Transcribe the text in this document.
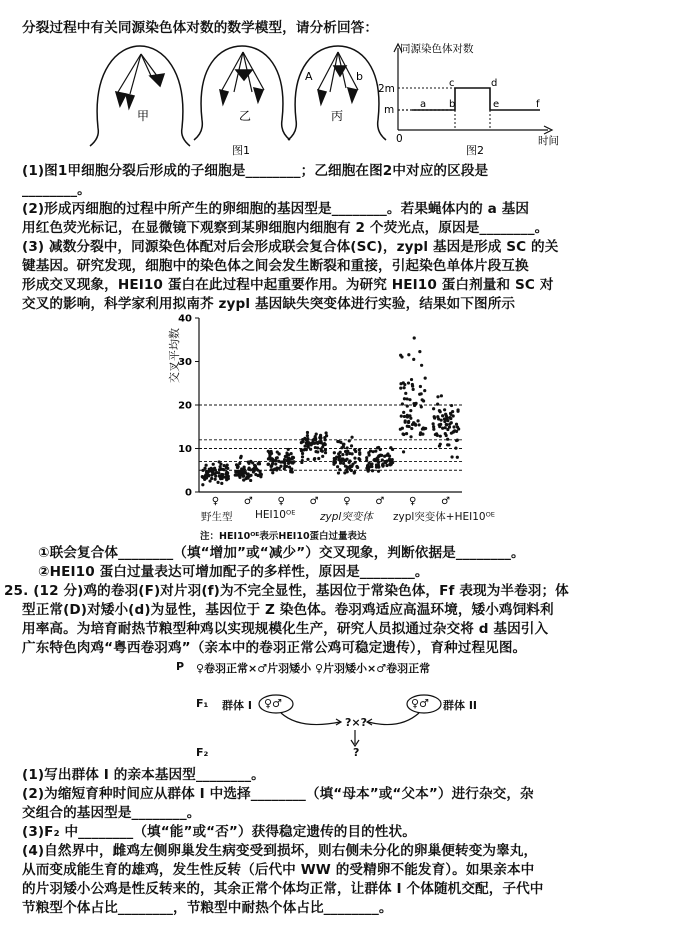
分裂过程中有关同源染色体对数的数学模型，请分析回答：
甲	乙
A	b
丙
图1
同源染色体对数
2m
m
0	时间
图2
a b
c	d
e	f
(1)图1甲细胞分裂后形成的子细胞是________；乙细胞在图2中对应的区段是
________。
(2)形成丙细胞的过程中所产生的卵细胞的基因型是________。若果蝇体内的 a 基因
用红色荧光标记，在显微镜下观察到某卵细胞内细胞有 2 个荧光点，原因是________。
(3) 减数分裂中，同源染色体配对后会形成联会复合体(SC)，zypl 基因是形成 SC 的关
键基因。研究发现，细胞中的染色体之间会发生断裂和重接，引起染色单体片段互换
形成交叉现象，HEI10 蛋白在此过程中起重要作用。为研究 HEI10 蛋白剂量和 SC 对
交叉的影响，科学家利用拟南芥 zypl 基因缺失突变体进行实验，结果如下图所示
0
10
20
30
40
♀ ♂ ♀ ♂ ♀ ♂ ♀ ♂
交叉平均数
野生型 HEI10ᴼᴱ zypl突变体 zypl突变体+HEI10ᴼᴱ
注：HEI10ᴼᴱ表示HEI10蛋白过量表达
①联会复合体________（填“增加”或“减少”）交叉现象，判断依据是________。
②HEI10 蛋白过量表达可增加配子的多样性，原因是________。
25. (12 分)鸡的卷羽(F)对片羽(f)为不完全显性，基因位于常染色体，Ff 表现为半卷羽；体
型正常(D)对矮小(d)为显性，基因位于 Z 染色体。卷羽鸡适应高温环境，矮小鸡饲料利
用率高。为培育耐热节粮型种鸡以实现规模化生产，研究人员拟通过杂交将 d 基因引入
广东特色肉鸡“粤西卷羽鸡”（亲本中的卷羽正常公鸡可稳定遗传），育种过程见图。
P ♀卷羽正常×♂片羽矮小 ♀片羽矮小×♂卷羽正常
F₁ 群体 I ♀♂	♀♂ 群体 II
?×?
F₂	?
(1)写出群体 I 的亲本基因型________。
(2)为缩短育种时间应从群体 I 中选择________（填“母本”或“父本”）进行杂交，杂
交组合的基因型是________。
(3)F₂ 中________（填“能”或“否”）获得稳定遗传的目的性状。
(4)自然界中，雌鸡左侧卵巢发生病变受到损坏，则右侧未分化的卵巢便转变为睾丸，
从而变成能生育的雄鸡，发生性反转（后代中 WW 的受精卵不能发育）。如果亲本中
的片羽矮小公鸡是性反转来的，其余正常个体均正常，让群体 I 个体随机交配，子代中
节粮型个体占比________，节粮型中耐热个体占比________。
